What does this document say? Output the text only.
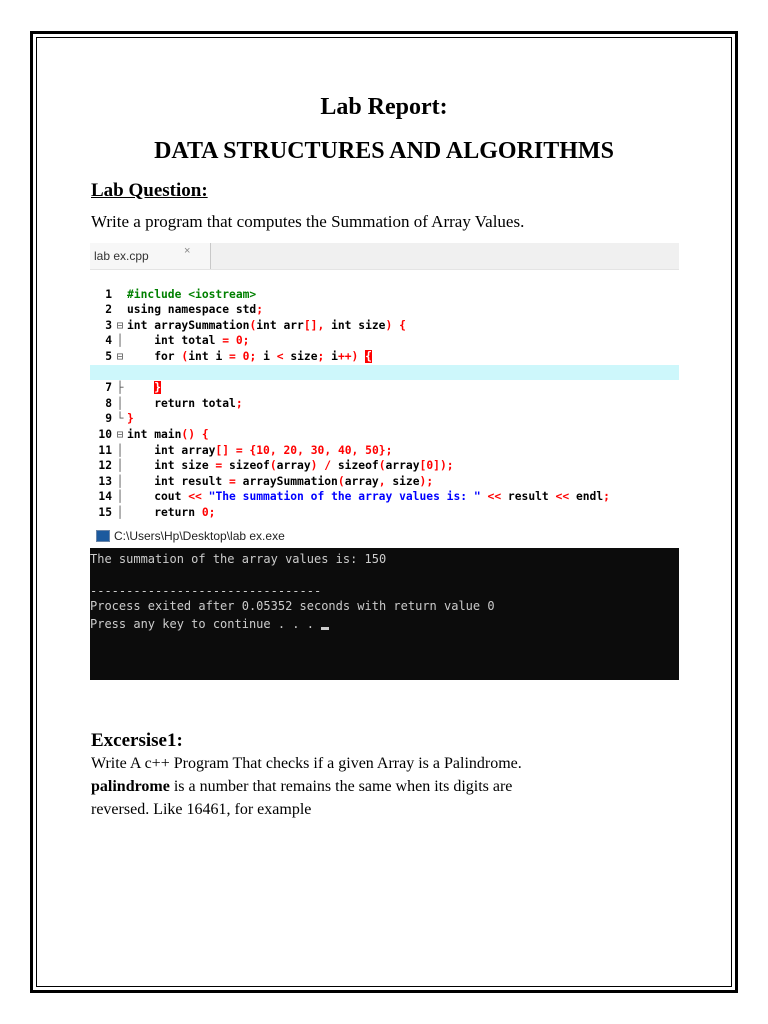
Lab Report:
DATA STRUCTURES AND ALGORITHMS
Lab Question:
Write a program that computes the Summation of Array Values.
lab ex.cpp	×

1 #include <iostream>

2 using namespace std;

3 ⊟ int arraySummation(int arr[], int size) {

4 │ int total = 0;

5 ⊟ for (int i = 0; i < size; i++) {

7 ├	}

8 │ return total;

9 └ }

10 ⊟ int main() {

11 │ int array[] = {10, 20, 30, 40, 50};

12 │ int size = sizeof(array) / sizeof(array[0]);

13 │ int result = arraySummation(array, size);

14 │ cout << "The summation of the array values is: " << result << endl;

15 │ return 0;

C:\Users\Hp\Desktop\lab ex.exe
The summation of the array values is: 150
--------------------------------
Process exited after 0.05352 seconds with return value 0
Press any key to continue . . .
Excersise1:
Write A c++ Program That checks if a given Array is a Palindrome.
palindrome is a number that remains the same when its digits are
reversed. Like 16461, for example
